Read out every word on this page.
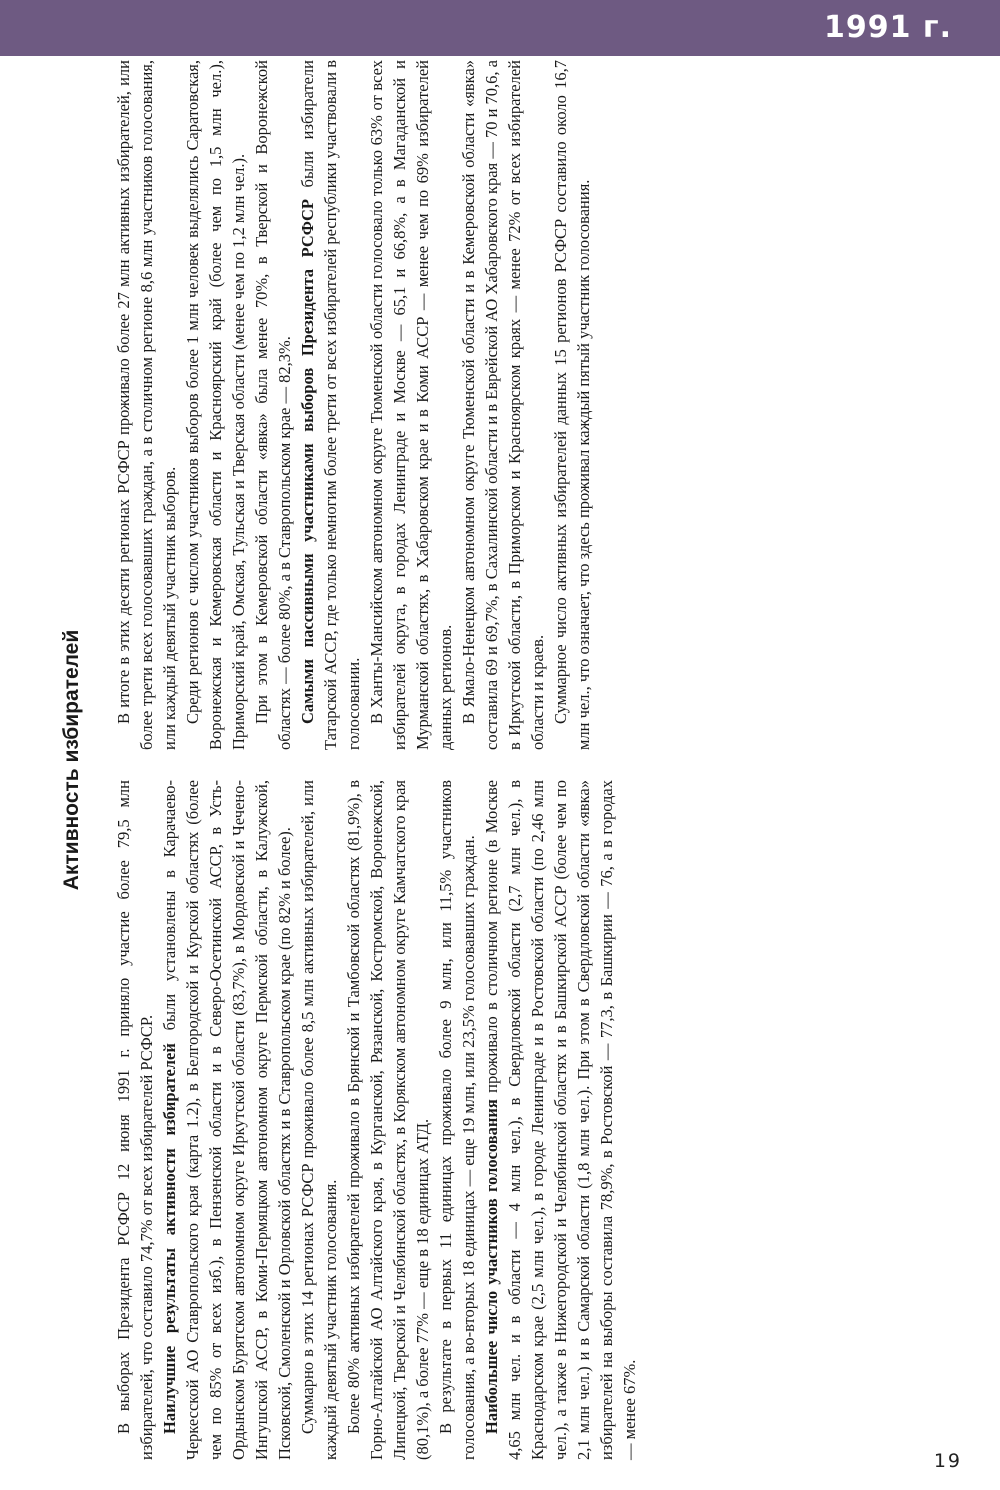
1991 г.
Активность избирателей

В выборах Президента РСФСР 12 июня 1991 г. приняло участие более 79,5 млн избирателей, что составило 74,7% от всех избирателей РСФСР. Наилучшие результаты активности избирателей были установлены в Карачаево-Черкесской АО Ставропольского края (карта 1.2), в Белгородской и Курской областях (более чем по 85% от всех изб.), в Пензенской области и в Северо-Осетинской АССР, в Усть-Ордынском Бурятском автономном округе Иркутской области (83,7%), в Мордовской и Чечено-Ингушской АССР, в Коми-Пермяцком автономном округе Пермской области, в Калужской, Псковской, Смоленской и Орловской областях и в Ставропольском крае (по 82% и более). Суммарно в этих 14 регионах РСФСР проживало более 8,5 млн активных избирателей, или каждый девятый участник голосования. Более 80% активных избирателей проживало в Брянской и Тамбовской областях (81,9%), в Горно-Алтайской АО Алтайского края, в Курганской, Рязанской, Костромской, Воронежской, Липецкой, Тверской и Челябинской областях, в Корякском автономном округе Камчатского края (80,1%), а более 77% — еще в 18 единицах АТД. В результате в первых 11 единицах проживало более 9 млн, или 11,5% участников голосования, а во-вторых 18 единицах — еще 19 млн, или 23,5% голосовавших граждан. Наибольшее число участников голосования проживало в столичном регионе (в Москве 4,65 млн чел. и в области — 4 млн чел.), в Свердловской области (2,7 млн чел.), в Краснодарском крае (2,5 млн чел.), в городе Ленинграде и в Ростовской области (по 2,46 млн чел.), а также в Нижегородской и Челябинской областях и в Башкирской АССР (более чем по 2,1 млн чел.) и в Самарской области (1,8 млн чел.). При этом в Свердловской области «явка» избирателей на выборы составила 78,9%, в Ростовской — 77,3, в Башкирии — 76, а в городах — менее 67%.

В итоге в этих десяти регионах РСФСР проживало более 27 млн активных избирателей, или более трети всех голосовавших граждан, а в столичном регионе 8,6 млн участников голосования, или каждый девятый участник выборов. Среди регионов с числом участников выборов более 1 млн человек выделялись Саратовская, Воронежская и Кемеровская области и Красноярский край (более чем по 1,5 млн чел.), Приморский край, Омская, Тульская и Тверская области (менее чем по 1,2 млн чел.). При этом в Кемеровской области «явка» была менее 70%, в Тверской и Воронежской областях — более 80%, а в Ставропольском крае — 82,3%. Самыми пассивными участниками выборов Президента РСФСР были избиратели Татарской АССР, где только немногим более трети от всех избирателей республики участвовали в голосовании. В Ханты-Мансийском автономном округе Тюменской области голосовало только 63% от всех избирателей округа, в городах Ленинграде и Москве — 65,1 и 66,8%, а в Магаданской и Мурманской областях, в Хабаровском крае и в Коми АССР — менее чем по 69% избирателей данных регионов. В Ямало-Ненецком автономном округе Тюменской области и в Кемеровской области «явка» составила 69 и 69,7%, в Сахалинской области и в Еврейской АО Хабаровского края — 70 и 70,6, а в Иркутской области, в Приморском и Красноярском краях — менее 72% от всех избирателей области и краев. Суммарное число активных избирателей данных 15 регионов РСФСР составило около 16,7 млн чел., что означает, что здесь проживал каждый пятый участник голосования.

19
